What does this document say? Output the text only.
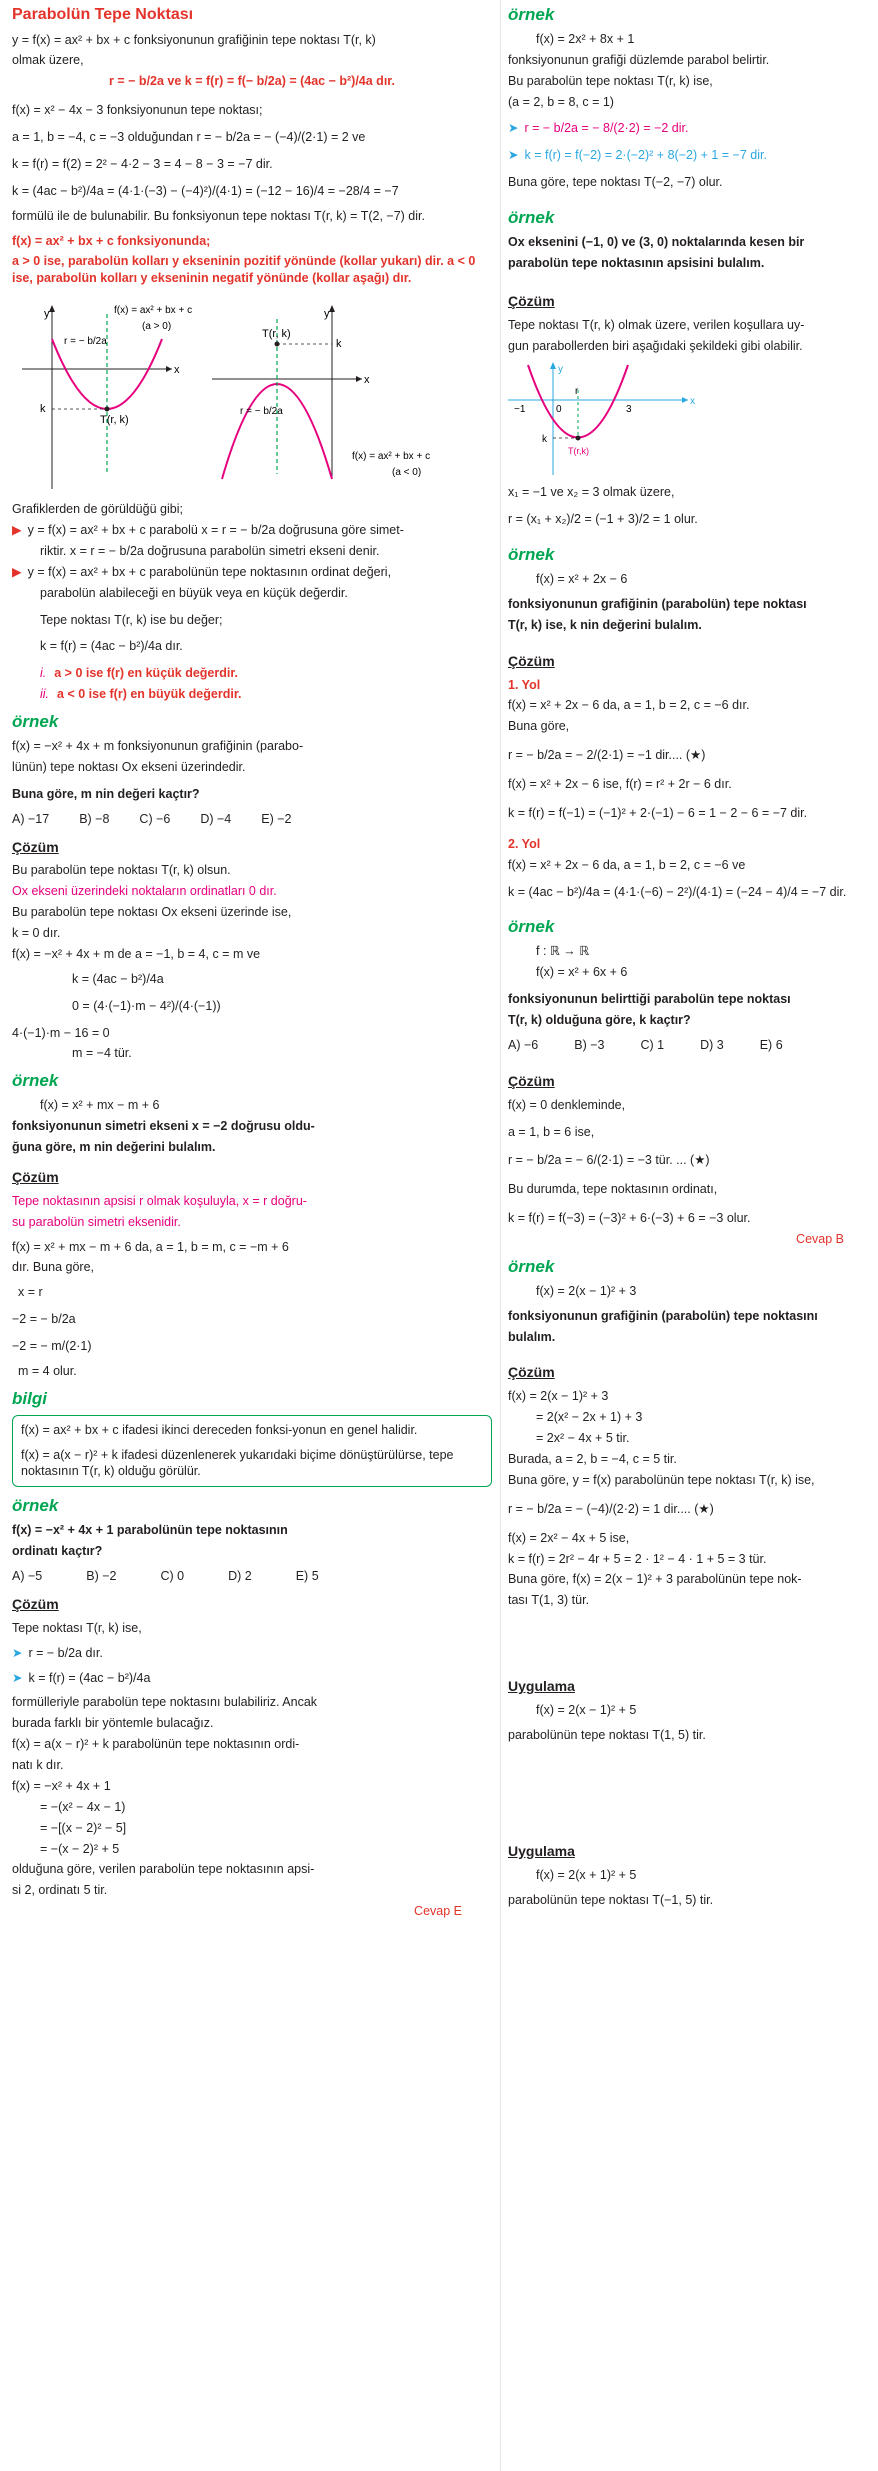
Parabolün Tepe Noktası
y = f(x) = ax² + bx + c fonksiyonunun grafiğinin tepe noktası T(r, k)
olmak üzere,
r = − b/2a ve k = f(r) = f(− b/2a) = (4ac − b²)/4a dır.
f(x) = x² − 4x − 3 fonksiyonunun tepe noktası;
a = 1, b = −4, c = −3 olduğundan r = − b/2a = − (−4)/(2·1) = 2 ve
k = f(r) = f(2) = 2² − 4·2 − 3 = 4 − 8 − 3 = −7 dir.
k = (4ac − b²)/4a = (4·1·(−3) − (−4)²)/(4·1) = (−12 − 16)/4 = −28/4 = −7
formülü ile de bulunabilir. Bu fonksiyonun tepe noktası T(r, k) = T(2, −7) dir.
f(x) = ax² + bx + c fonksiyonunda;
a > 0 ise, parabolün kolları y ekseninin pozitif yönünde (kollar yukarı) dir. a < 0 ise, parabolün kolları y ekseninin negatif yönünde (kollar aşağı) dır.
y
x
k
T(r, k)
r = − b/2a
f(x) = ax² + bx + c
(a > 0)
y
x
k
T(r, k)
r = − b/2a
f(x) = ax² + bx + c
(a < 0)
Grafiklerden de görüldüğü gibi;
▶ y = f(x) = ax² + bx + c parabolü x = r = − b/2a doğrusuna göre simet-
riktir. x = r = − b/2a doğrusuna parabolün simetri ekseni denir.
▶ y = f(x) = ax² + bx + c parabolünün tepe noktasının ordinat değeri,
parabolün alabileceği en büyük veya en küçük değerdir.
Tepe noktası T(r, k) ise bu değer;
k = f(r) = (4ac − b²)/4a dır.
i. a > 0 ise f(r) en küçük değerdir.
ii. a < 0 ise f(r) en büyük değerdir.
örnek
f(x) = −x² + 4x + m fonksiyonunun grafiğinin (parabo-
lünün) tepe noktası Ox ekseni üzerindedir.
Buna göre, m nin değeri kaçtır?
A) −17 B) −8 C) −6 D) −4 E) −2
Çözüm
Bu parabolün tepe noktası T(r, k) olsun.
Ox ekseni üzerindeki noktaların ordinatları 0 dır.
Bu parabolün tepe noktası Ox ekseni üzerinde ise,
k = 0 dır.
f(x) = −x² + 4x + m de a = −1, b = 4, c = m ve
k = (4ac − b²)/4a
0 = (4·(−1)·m − 4²)/(4·(−1))
4·(−1)·m − 16 = 0
m = −4 tür.
örnek
f(x) = x² + mx − m + 6
fonksiyonunun simetri ekseni x = −2 doğrusu oldu-
ğuna göre, m nin değerini bulalım.
Çözüm
Tepe noktasının apsisi r olmak koşuluyla, x = r doğru-
su parabolün simetri eksenidir.
f(x) = x² + mx − m + 6 da, a = 1, b = m, c = −m + 6
dır. Buna göre,
x = r
−2 = − b/2a
−2 = − m/(2·1)
m = 4 olur.
bilgi
f(x) = ax² + bx + c ifadesi ikinci dereceden fonksi-yonun en genel halidir.
f(x) = a(x − r)² + k ifadesi düzenlenerek yukarıdaki biçime dönüştürülürse, tepe noktasının T(r, k) olduğu görülür.
örnek
f(x) = −x² + 4x + 1 parabolünün tepe noktasının
ordinatı kaçtır?
A) −5	B) −2	C) 0	D) 2	E) 5
Çözüm
Tepe noktası T(r, k) ise,
➤ r = − b/2a dır.
➤ k = f(r) = (4ac − b²)/4a
formülleriyle parabolün tepe noktasını bulabiliriz. Ancak
burada farklı bir yöntemle bulacağız.
f(x) = a(x − r)² + k parabolünün tepe noktasının ordi-
natı k dır.
f(x) = −x² + 4x + 1
= −(x² − 4x − 1)
= −[(x − 2)² − 5]
= −(x − 2)² + 5
olduğuna göre, verilen parabolün tepe noktasının apsi-
si 2, ordinatı 5 tir.
Cevap E
örnek
f(x) = 2x² + 8x + 1
fonksiyonunun grafiği düzlemde parabol belirtir.
Bu parabolün tepe noktası T(r, k) ise,
(a = 2, b = 8, c = 1)
➤ r = − b/2a = − 8/(2·2) = −2 dir.
➤ k = f(r) = f(−2) = 2·(−2)² + 8(−2) + 1 = −7 dir.
Buna göre, tepe noktası T(−2, −7) olur.
örnek
Ox eksenini (−1, 0) ve (3, 0) noktalarında kesen bir
parabolün tepe noktasının apsisini bulalım.
Çözüm
Tepe noktası T(r, k) olmak üzere, verilen koşullara uy-
gun parabollerden biri aşağıdaki şekildeki gibi olabilir.
y
x
−1	0
r
3
k
T(r,k)
x₁ = −1 ve x₂ = 3 olmak üzere,
r = (x₁ + x₂)/2 = (−1 + 3)/2 = 1 olur.
örnek
f(x) = x² + 2x − 6
fonksiyonunun grafiğinin (parabolün) tepe noktası
T(r, k) ise, k nin değerini bulalım.
Çözüm
1. Yol
f(x) = x² + 2x − 6 da, a = 1, b = 2, c = −6 dır.
Buna göre,
r = − b/2a = − 2/(2·1) = −1 dir.... (★)
f(x) = x² + 2x − 6 ise, f(r) = r² + 2r − 6 dır.
k = f(r) = f(−1) = (−1)² + 2·(−1) − 6 = 1 − 2 − 6 = −7 dir.
2. Yol
f(x) = x² + 2x − 6 da, a = 1, b = 2, c = −6 ve
k = (4ac − b²)/4a = (4·1·(−6) − 2²)/(4·1) = (−24 − 4)/4 = −7 dir.
örnek
f : ℝ → ℝ
f(x) = x² + 6x + 6
fonksiyonunun belirttiği parabolün tepe noktası
T(r, k) olduğuna göre, k kaçtır?
A) −6	B) −3	C) 1	D) 3	E) 6
Çözüm
f(x) = 0 denkleminde,
a = 1, b = 6 ise,
r = − b/2a = − 6/(2·1) = −3 tür. ... (★)
Bu durumda, tepe noktasının ordinatı,
k = f(r) = f(−3) = (−3)² + 6·(−3) + 6 = −3 olur.
Cevap B
örnek
f(x) = 2(x − 1)² + 3
fonksiyonunun grafiğinin (parabolün) tepe noktasını
bulalım.
Çözüm
f(x) = 2(x − 1)² + 3
= 2(x² − 2x + 1) + 3
= 2x² − 4x + 5 tir.
Burada, a = 2, b = −4, c = 5 tir.
Buna göre, y = f(x) parabolünün tepe noktası T(r, k) ise,
r = − b/2a = − (−4)/(2·2) = 1 dir.... (★)
f(x) = 2x² − 4x + 5 ise,
k = f(r) = 2r² − 4r + 5 = 2 · 1² − 4 · 1 + 5 = 3 tür.
Buna göre, f(x) = 2(x − 1)² + 3 parabolünün tepe nok-
tası T(1, 3) tür.
Uygulama
f(x) = 2(x − 1)² + 5
parabolünün tepe noktası T(1, 5) tir.
Uygulama
f(x) = 2(x + 1)² + 5
parabolünün tepe noktası T(−1, 5) tir.
